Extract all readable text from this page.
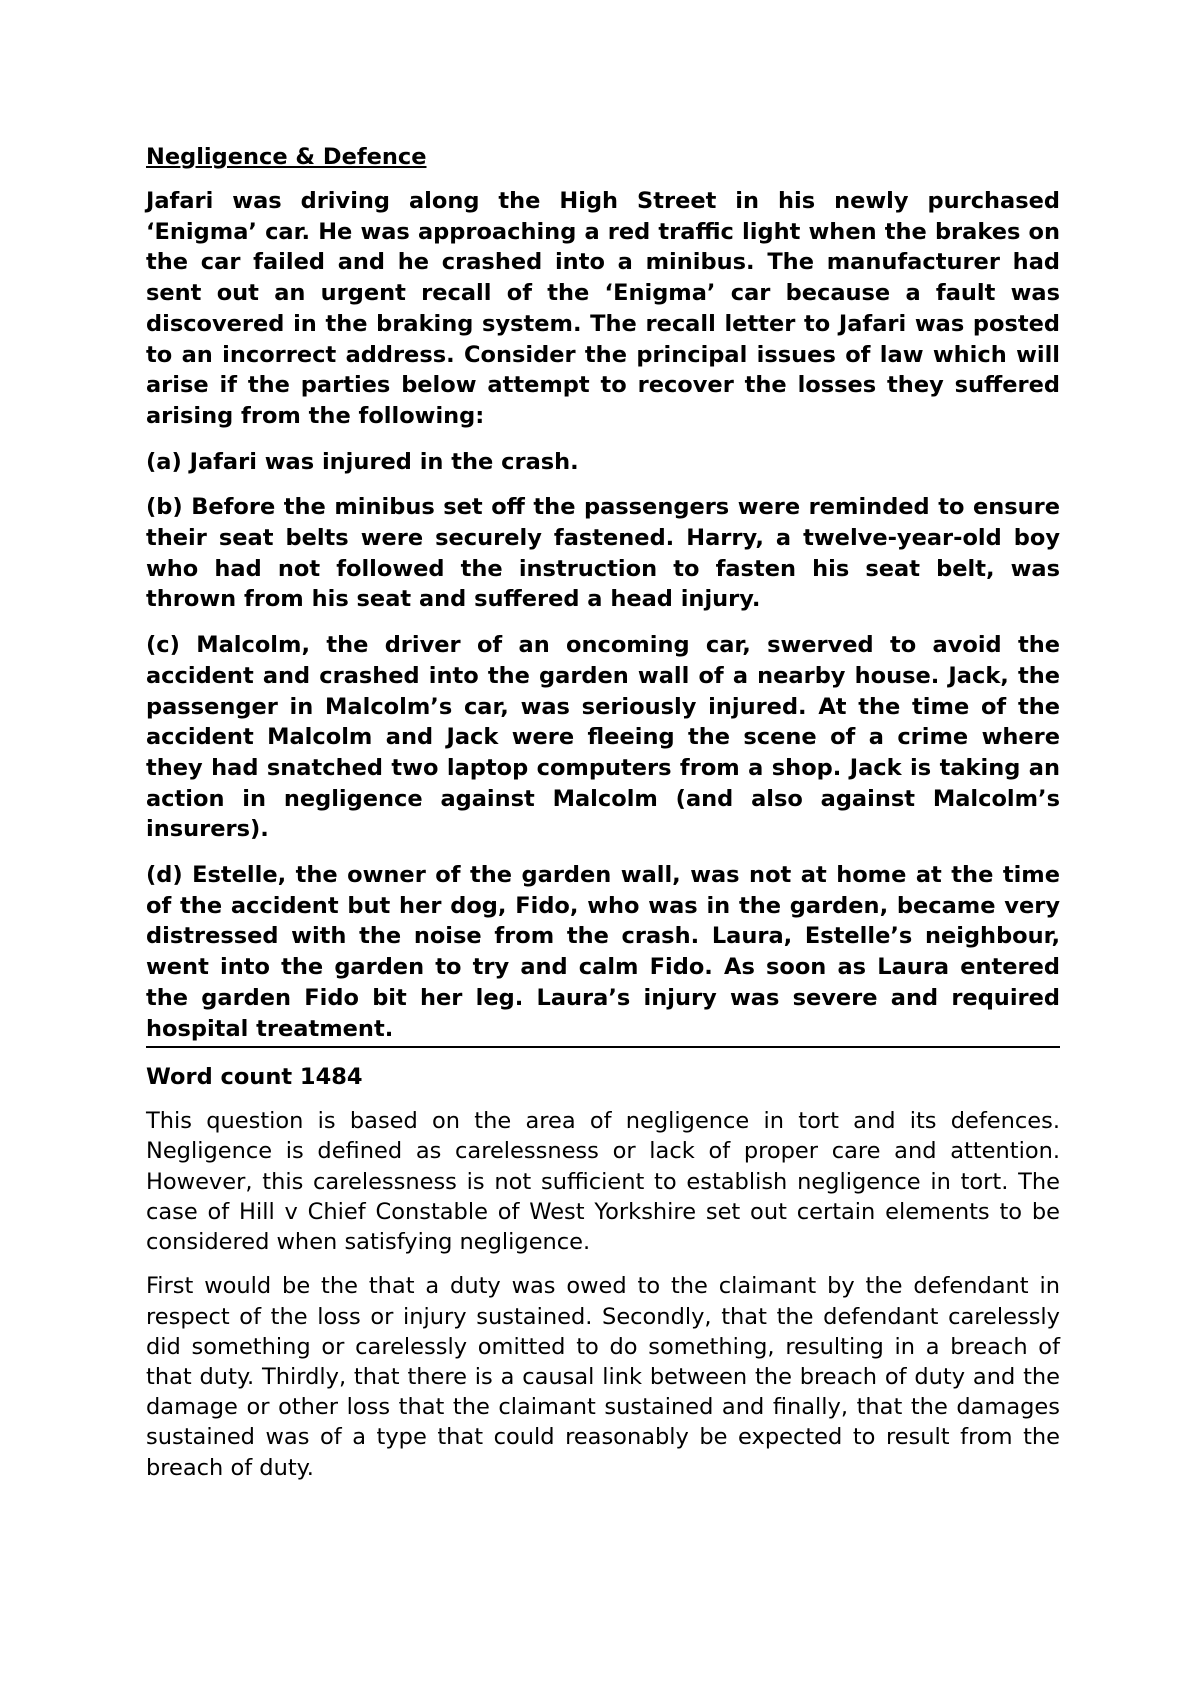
Negligence & Defence

Jafari was driving along the High Street in his newly purchased ‘Enigma’ car. He was approaching a red traffic light when the brakes on the car failed and he crashed into a minibus. The manufacturer had sent out an urgent recall of the ‘Enigma’ car because a fault was discovered in the braking system. The recall letter to Jafari was posted to an incorrect address. Consider the principal issues of law which will arise if the parties below attempt to recover the losses they suffered arising from the following:

(a) Jafari was injured in the crash.

(b) Before the minibus set off the passengers were reminded to ensure their seat belts were securely fastened. Harry, a twelve-year-old boy who had not followed the instruction to fasten his seat belt, was thrown from his seat and suffered a head injury.

(c) Malcolm, the driver of an oncoming car, swerved to avoid the accident and crashed into the garden wall of a nearby house. Jack, the passenger in Malcolm’s car, was seriously injured. At the time of the accident Malcolm and Jack were fleeing the scene of a crime where they had snatched two laptop computers from a shop. Jack is taking an action in negligence against Malcolm (and also against Malcolm’s insurers).

(d) Estelle, the owner of the garden wall, was not at home at the time of the accident but her dog, Fido, who was in the garden, became very distressed with the noise from the crash. Laura, Estelle’s neighbour, went into the garden to try and calm Fido. As soon as Laura entered the garden Fido bit her leg. Laura’s injury was severe and required hospital treatment.

Word count 1484

This question is based on the area of negligence in tort and its defences. Negligence is defined as carelessness or lack of proper care and attention. However, this carelessness is not sufficient to establish negligence in tort. The case of Hill v Chief Constable of West Yorkshire set out certain elements to be considered when satisfying negligence.

First would be the that a duty was owed to the claimant by the defendant in respect of the loss or injury sustained. Secondly, that the defendant carelessly did something or carelessly omitted to do something, resulting in a breach of that duty. Thirdly, that there is a causal link between the breach of duty and the damage or other loss that the claimant sustained and finally, that the damages sustained was of a type that could reasonably be expected to result from the breach of duty.
